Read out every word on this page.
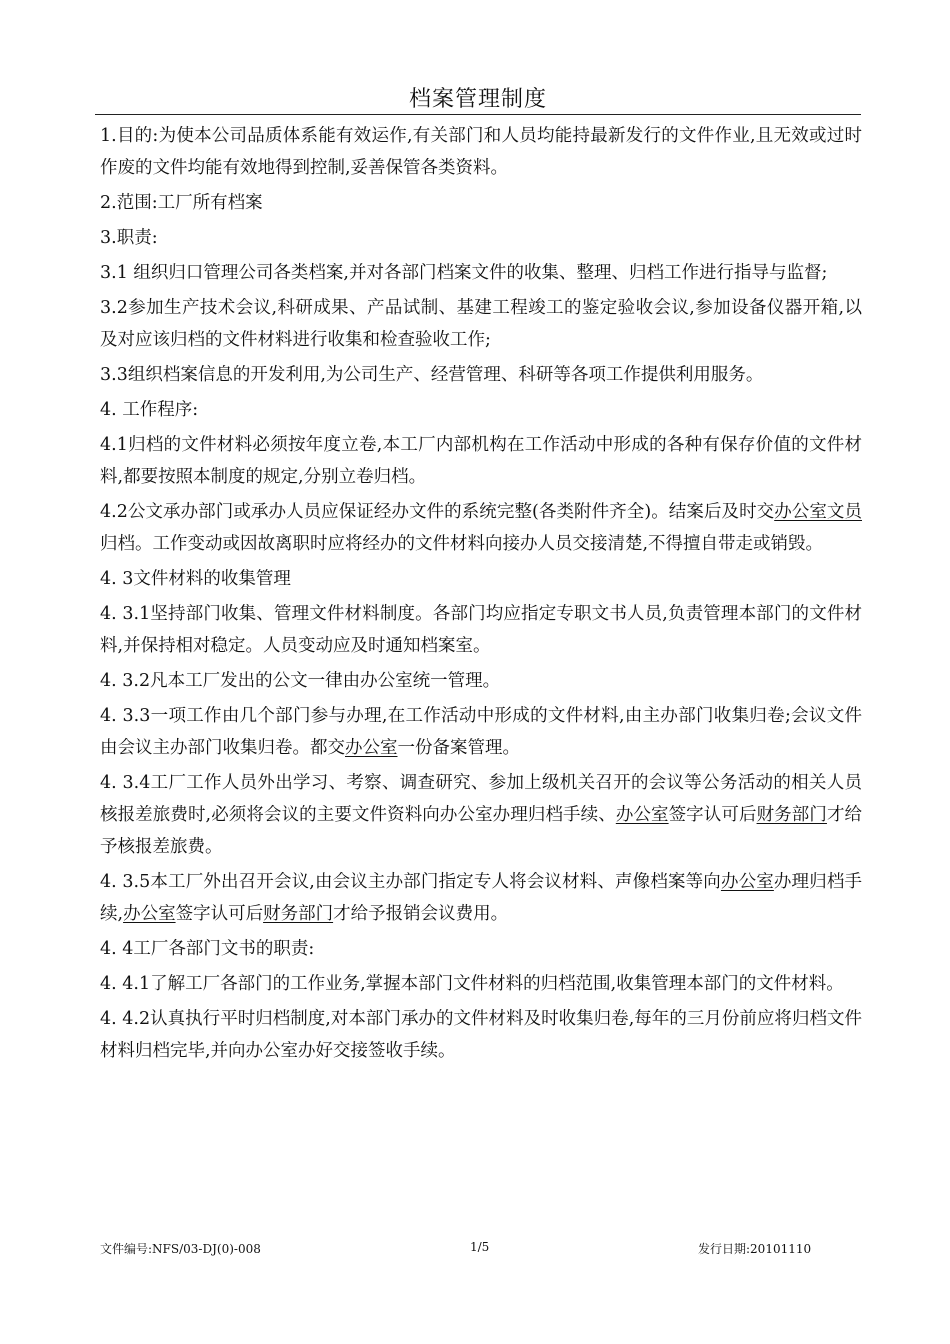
档案管理制度
1.目的:为使本公司品质体系能有效运作,有关部门和人员均能持最新发行的文件作业,且无效或过时作废的文件均能有效地得到控制,妥善保管各类资料。
2.范围:工厂所有档案
3.职责:
3.1 组织归口管理公司各类档案,并对各部门档案文件的收集、整理、归档工作进行指导与监督;
3.2参加生产技术会议,科研成果、产品试制、基建工程竣工的鉴定验收会议,参加设备仪器开箱,以及对应该归档的文件材料进行收集和检查验收工作;
3.3组织档案信息的开发利用,为公司生产、经营管理、科研等各项工作提供利用服务。
4. 工作程序:
4.1归档的文件材料必须按年度立卷,本工厂内部机构在工作活动中形成的各种有保存价值的文件材料,都要按照本制度的规定,分别立卷归档。
4.2公文承办部门或承办人员应保证经办文件的系统完整(各类附件齐全)。结案后及时交办公室文员归档。工作变动或因故离职时应将经办的文件材料向接办人员交接清楚,不得擅自带走或销毁。
4. 3文件材料的收集管理
4. 3.1坚持部门收集、管理文件材料制度。各部门均应指定专职文书人员,负责管理本部门的文件材料,并保持相对稳定。人员变动应及时通知档案室。
4. 3.2凡本工厂发出的公文一律由办公室统一管理。
4. 3.3一项工作由几个部门参与办理,在工作活动中形成的文件材料,由主办部门收集归卷;会议文件由会议主办部门收集归卷。都交办公室一份备案管理。
4. 3.4工厂工作人员外出学习、考察、调查研究、参加上级机关召开的会议等公务活动的相关人员核报差旅费时,必须将会议的主要文件资料向办公室办理归档手续、办公室签字认可后财务部门才给予核报差旅费。
4. 3.5本工厂外出召开会议,由会议主办部门指定专人将会议材料、声像档案等向办公室办理归档手续,办公室签字认可后财务部门才给予报销会议费用。
4. 4工厂各部门文书的职责:
4. 4.1了解工厂各部门的工作业务,掌握本部门文件材料的归档范围,收集管理本部门的文件材料。
4. 4.2认真执行平时归档制度,对本部门承办的文件材料及时收集归卷,每年的三月份前应将归档文件材料归档完毕,并向办公室办好交接签收手续。
文件编号:NFS/03-DJ(0)-008	1/5	发行日期:20101110
